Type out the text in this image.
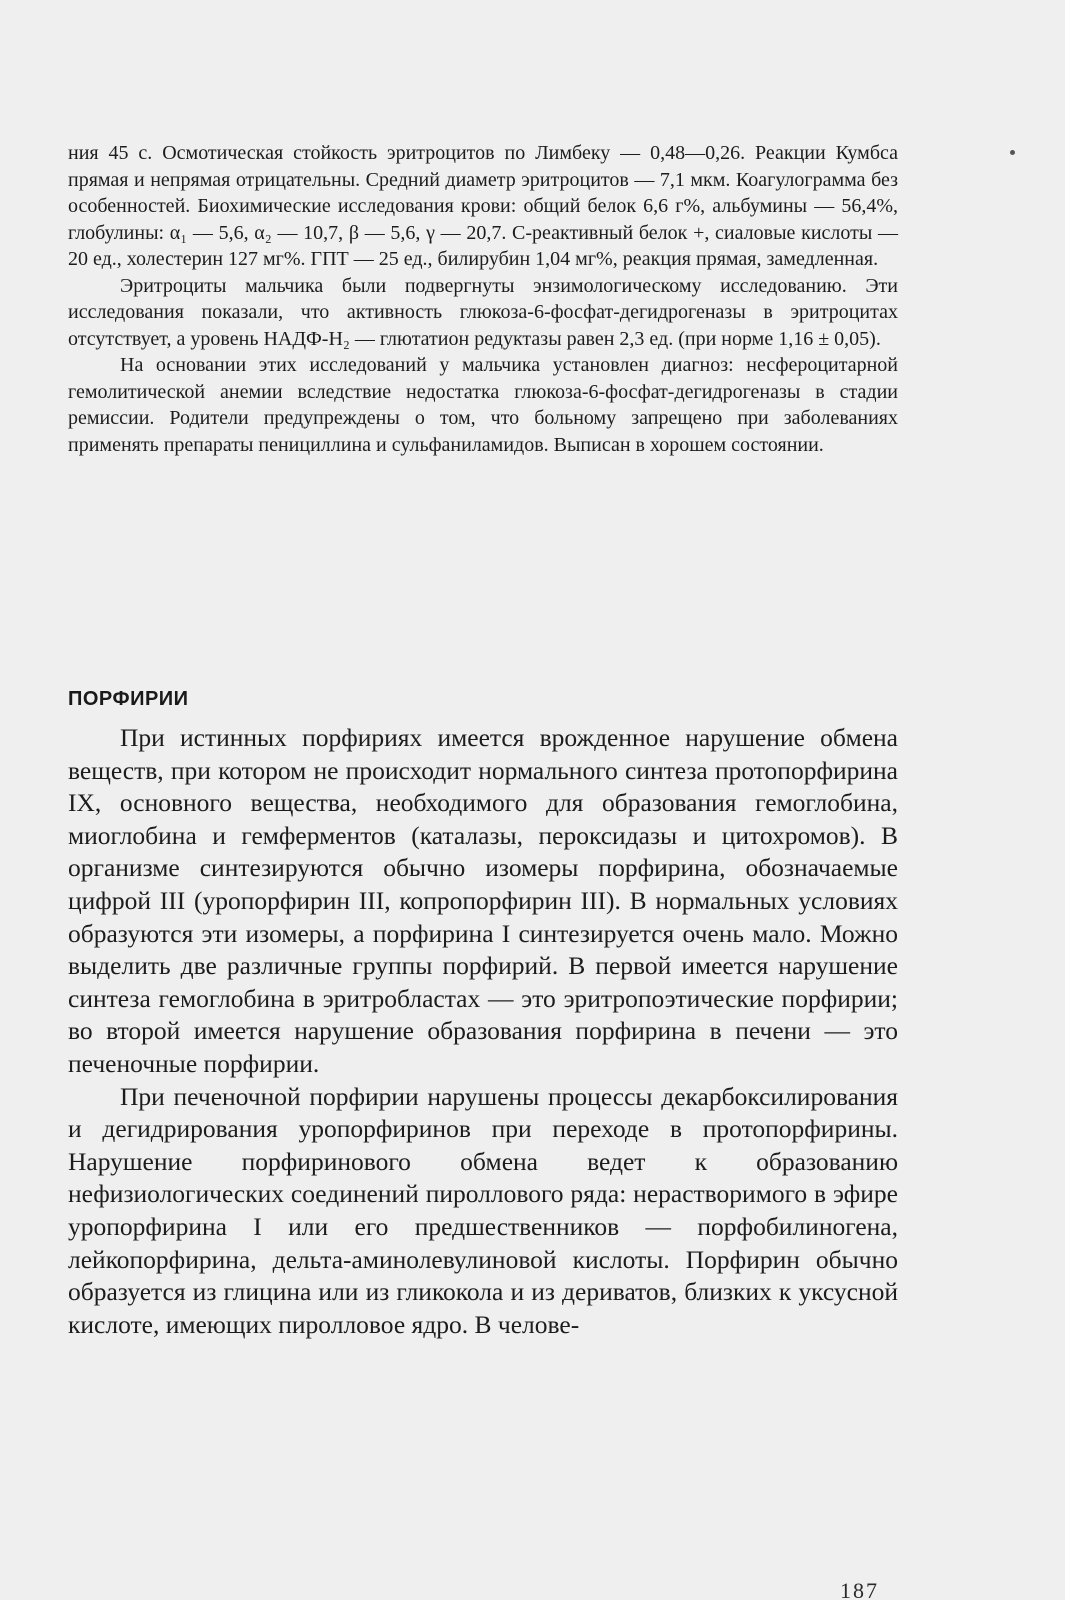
ния 45 с. Осмотическая стойкость эритроцитов по Лимбеку — 0,48—0,26. Реакции Кумбса прямая и непрямая отрицательны. Средний диаметр эритроцитов — 7,1 мкм. Коагулограмма без особенностей. Биохимические исследования крови: общий белок 6,6 г%, альбумины — 56,4%, глобулины: α₁ — 5,6, α₂ — 10,7, β — 5,6, γ — 20,7. С-реактивный белок +, сиаловые кислоты — 20 ед., холестерин 127 мг%. ГПТ — 25 ед., билирубин 1,04 мг%, реакция прямая, замедленная.

Эритроциты мальчика были подвергнуты энзимологическому исследованию. Эти исследования показали, что активность глюкоза-6-фосфат-дегидрогеназы в эритроцитах отсутствует, а уровень НАДФ-Н₂ — глютатион редуктазы равен 2,3 ед. (при норме 1,16 ± 0,05).

На основании этих исследований у мальчика установлен диагноз: несфероцитарной гемолитической анемии вследствие недостатка глюкоза-6-фосфат-дегидрогеназы в стадии ремиссии. Родители предупреждены о том, что больному запрещено при заболеваниях применять препараты пенициллина и сульфаниламидов. Выписан в хорошем состоянии.

ПОРФИРИИ

При истинных порфириях имеется врожденное нарушение обмена веществ, при котором не происходит нормального синтеза протопорфирина IX, основного вещества, необходимого для образования гемоглобина, миоглобина и гемферментов (каталазы, пероксидазы и цитохромов). В организме синтезируются обычно изомеры порфирина, обозначаемые цифрой III (уропорфирин III, копропорфирин III). В нормальных условиях образуются эти изомеры, а порфирина I синтезируется очень мало. Можно выделить две различные группы порфирий. В первой имеется нарушение синтеза гемоглобина в эритробластах — это эритропоэтические порфирии; во второй имеется нарушение образования порфирина в печени — это печеночные порфирии.

При печеночной порфирии нарушены процессы декарбоксилирования и дегидрирования уропорфиринов при переходе в протопорфирины. Нарушение порфиринового обмена ведет к образованию нефизиологических соединений пироллового ряда: нерастворимого в эфире уропорфирина I или его предшественников — порфобилиногена, лейкопорфирина, дельта-аминолевулиновой кислоты. Порфирин обычно образуется из глицина или из гликокола и из дериватов, близких к уксусной кислоте, имеющих пиролловое ядро. В челове-

187
